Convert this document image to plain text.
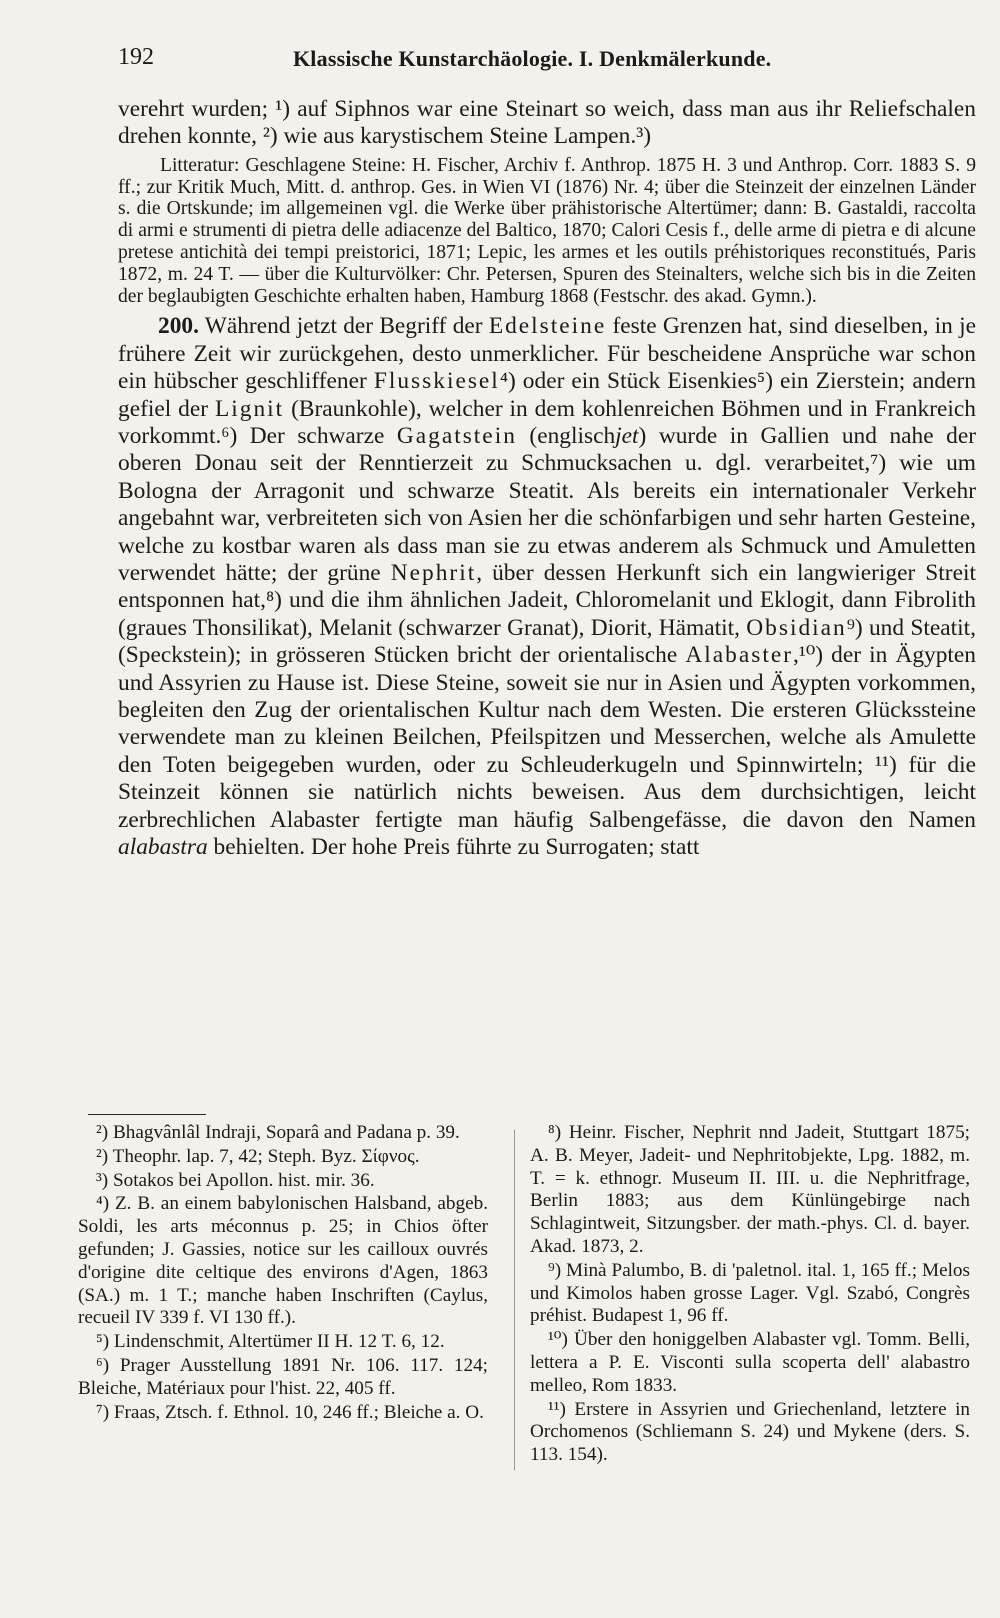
192	Klassische Kunstarchäologie. I. Denkmälerkunde.

verehrt wurden; ¹) auf Siphnos war eine Steinart so weich, dass man aus ihr Reliefschalen drehen konnte, ²) wie aus karystischem Steine Lampen.³)

Litteratur: Geschlagene Steine: H. Fischer, Archiv f. Anthrop. 1875 H. 3 und Anthrop. Corr. 1883 S. 9 ff.; zur Kritik Much, Mitt. d. anthrop. Ges. in Wien VI (1876) Nr. 4; über die Steinzeit der einzelnen Länder s. die Ortskunde; im allgemeinen vgl. die Werke über prähistorische Altertümer; dann: B. Gastaldi, raccolta di armi e strumenti di pietra delle adiacenze del Baltico, 1870; Calori Cesis f., delle arme di pietra e di alcune pretese antichità dei tempi preistorici, 1871; Lepic, les armes et les outils préhistoriques reconstitués, Paris 1872, m. 24 T. — über die Kulturvölker: Chr. Petersen, Spuren des Steinalters, welche sich bis in die Zeiten der beglaubigten Geschichte erhalten haben, Hamburg 1868 (Festschr. des akad. Gymn.).

200. Während jetzt der Begriff der Edelsteine feste Grenzen hat, sind dieselben, in je frühere Zeit wir zurückgehen, desto unmerklicher. Für bescheidene Ansprüche war schon ein hübscher geschliffener Flusskiesel⁴) oder ein Stück Eisenkies⁵) ein Zierstein; andern gefiel der Lignit (Braunkohle), welcher in dem kohlenreichen Böhmen und in Frankreich vorkommt.⁶) Der schwarze Gagatstein (englischjet) wurde in Gallien und nahe der oberen Donau seit der Renntierzeit zu Schmucksachen u. dgl. verarbeitet,⁷) wie um Bologna der Arragonit und schwarze Steatit. Als bereits ein internationaler Verkehr angebahnt war, verbreiteten sich von Asien her die schönfarbigen und sehr harten Gesteine, welche zu kostbar waren als dass man sie zu etwas anderem als Schmuck und Amuletten verwendet hätte; der grüne Nephrit, über dessen Herkunft sich ein langwieriger Streit entsponnen hat,⁸) und die ihm ähnlichen Jadeit, Chloromelanit und Eklogit, dann Fibrolith (graues Thonsilikat), Melanit (schwarzer Granat), Diorit, Hämatit, Obsidian⁹) und Steatit, (Speckstein); in grösseren Stücken bricht der orientalische Alabaster,¹⁰) der in Ägypten und Assyrien zu Hause ist. Diese Steine, soweit sie nur in Asien und Ägypten vorkommen, begleiten den Zug der orientalischen Kultur nach dem Westen. Die ersteren Glückssteine verwendete man zu kleinen Beilchen, Pfeilspitzen und Messerchen, welche als Amulette den Toten beigegeben wurden, oder zu Schleuderkugeln und Spinnwirteln; ¹¹) für die Steinzeit können sie natürlich nichts beweisen. Aus dem durchsichtigen, leicht zerbrechlichen Alabaster fertigte man häufig Salbengefässe, die davon den Namen alabastra behielten. Der hohe Preis führte zu Surrogaten; statt

²) Bhagvânlâl Indraji, Soparâ and Padana p. 39.

²) Theophr. lap. 7, 42; Steph. Byz. Σίφνος.

³) Sotakos bei Apollon. hist. mir. 36.

⁴) Z. B. an einem babylonischen Halsband, abgeb. Soldi, les arts méconnus p. 25; in Chios öfter gefunden; J. Gassies, notice sur les cailloux ouvrés d'origine dite celtique des environs d'Agen, 1863 (SA.) m. 1 T.; manche haben Inschriften (Caylus, recueil IV 339 f. VI 130 ff.).

⁵) Lindenschmit, Altertümer II H. 12 T. 6, 12.

⁶) Prager Ausstellung 1891 Nr. 106. 117. 124; Bleiche, Matériaux pour l'hist. 22, 405 ff.

⁷) Fraas, Ztsch. f. Ethnol. 10, 246 ff.; Bleiche a. O.

⁸) Heinr. Fischer, Nephrit nnd Jadeit, Stuttgart 1875; A. B. Meyer, Jadeit- und Nephritobjekte, Lpg. 1882, m. T. = k. ethnogr. Museum II. III. u. die Nephritfrage, Berlin 1883; aus dem Künlüngebirge nach Schlagintweit, Sitzungsber. der math.-phys. Cl. d. bayer. Akad. 1873, 2.

⁹) Minà Palumbo, B. di 'paletnol. ital. 1, 165 ff.; Melos und Kimolos haben grosse Lager. Vgl. Szabó, Congrès préhist. Budapest 1, 96 ff.

¹⁰) Über den honiggelben Alabaster vgl. Tomm. Belli, lettera a P. E. Visconti sulla scoperta dell' alabastro melleo, Rom 1833.

¹¹) Erstere in Assyrien und Griechenland, letztere in Orchomenos (Schliemann S. 24) und Mykene (ders. S. 113. 154).
